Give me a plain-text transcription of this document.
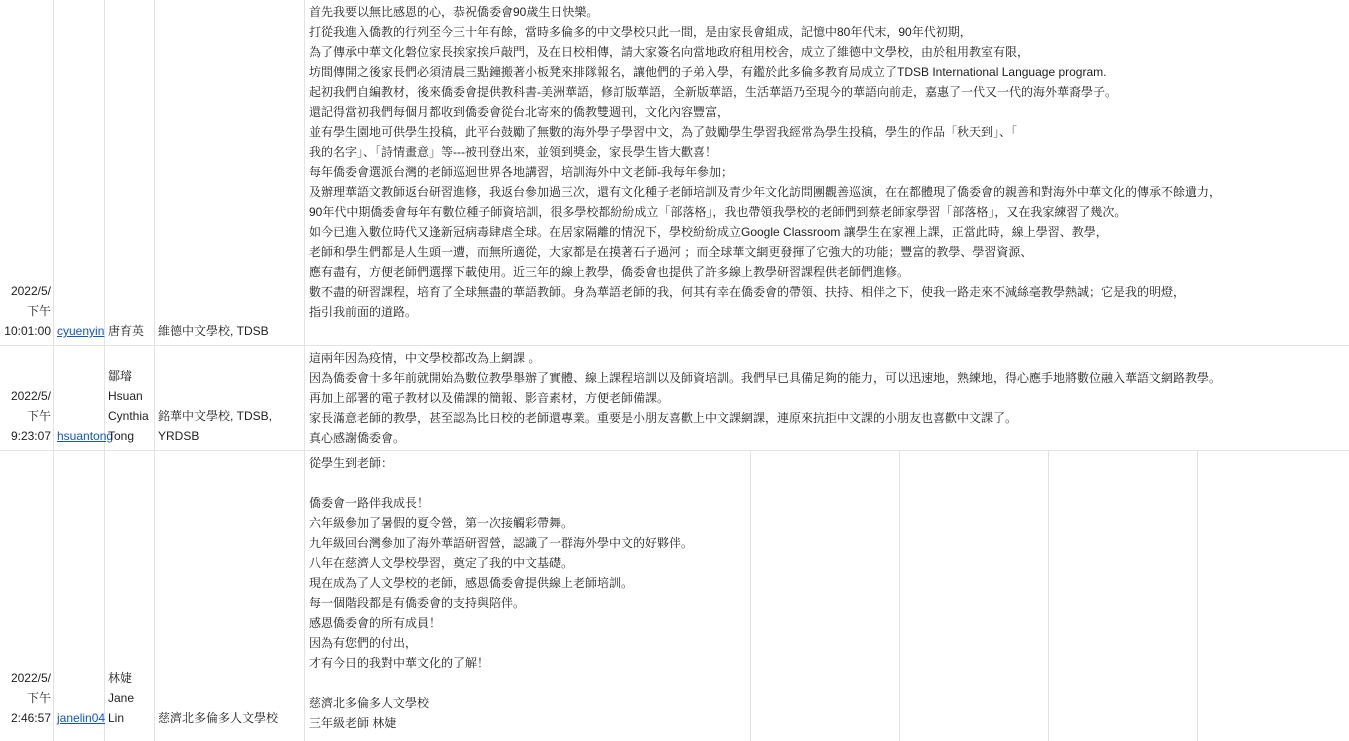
2022/5/
下午
10:01:00 cyuenyin 唐育英	維德中文學校, TDSB
首先我要以無比感恩的心，恭祝僑委會90歲生日快樂。
打從我進入僑教的行列至今三十年有餘，當時多倫多的中文學校只此一間，是由家長會組成，記憶中80年代末，90年代初期，
為了傳承中華文化磐位家長挨家挨戶敲門，及在日校相傳，請大家簽名向當地政府租用校舍，成立了維德中文學校，由於租用教室有限，
坊間傳開之後家長們必須清晨三點鐘搬著小板凳來排隊報名，讓他們的子弟入學，有鑑於此多倫多教育局成立了TDSB International Language program.
起初我們自編教材，後來僑委會提供教科書-美洲華語，修訂版華語，全新版華語，生活華語乃至現今的華語向前走，嘉惠了一代又一代的海外華裔學子。
還記得當初我們每個月都收到僑委會從台北寄來的僑教雙週刊，文化內容豐富，
並有學生園地可供學生投稿，此平台鼓勵了無數的海外學子學習中文，為了鼓勵學生學習我經常為學生投稿，學生的作品「秋天到」、「
我的名字」、「詩情畫意」等---被刊登出來，並領到獎金，家長學生皆大歡喜！
每年僑委會選派台灣的老師巡迴世界各地講習，培訓海外中文老師-我每年參加；
及辦理華語文教師返台研習進修，我返台參加過三次，還有文化種子老師培訓及青少年文化訪問團觀善巡演，在在都體現了僑委會的親善和對海外中華文化的傳承不餘遺力，
90年代中期僑委會每年有數位種子師資培訓，很多學校都紛紛成立「部落格」，我也帶領我學校的老師們到蔡老師家學習「部落格」，又在我家練習了幾次。
如今已進入數位時代又逢新冠病毒肆虐全球。在居家隔離的情況下，學校紛紛成立Google Classroom 讓學生在家裡上課，正當此時，線上學習、教學，
老師和學生們都是人生頭一遭，而無所適從，大家都是在摸著石子過河 ；而全球華文網更發揮了它強大的功能；豐富的教學、學習資源、
應有盡有，方便老師們選擇下載使用。近三年的線上教學，僑委會也提供了許多線上教學研習課程供老師們進修。
數不盡的研習課程，培育了全球無盡的華語教師。身為華語老師的我，何其有幸在僑委會的帶領、扶持、相伴之下，使我一路走來不減絲毫教學熱誠；它是我的明燈，
指引我前面的道路。
2022/5/
下午
9:23:07 hsuantong
鄒璿
Hsuan
Cynthia
Tong
銘華中文學校, TDSB,
YRDSB
這兩年因為疫情，中文學校都改為上網課 。
因為僑委會十多年前就開始為數位教學舉辦了實體、線上課程培訓以及師資培訓。我們早已具備足夠的能力，可以迅速地，熟練地，得心應手地將數位融入華語文網路教學。
再加上部署的電子教材以及備課的簡報、影音素材，方便老師備課。
家長滿意老師的教學，甚至認為比日校的老師還專業。重要是小朋友喜歡上中文課網課，連原來抗拒中文課的小朋友也喜歡中文課了。
真心感謝僑委會。
2022/5/
下午
2:46:57 janelin04
林婕
Jane
Lin	慈濟北多倫多人文學校
從學生到老師：
僑委會一路伴我成長！
六年級參加了暑假的夏令營，第一次接觸彩帶舞。
九年級回台灣參加了海外華語研習營，認識了一群海外學中文的好夥伴。
八年在慈濟人文學校學習，奠定了我的中文基礎。
現在成為了人文學校的老師，感恩僑委會提供線上老師培訓。
每一個階段都是有僑委會的支持與陪伴。
感恩僑委會的所有成員！
因為有您們的付出，
才有今日的我對中華文化的了解！
慈濟北多倫多人文學校
三年級老師 林婕
